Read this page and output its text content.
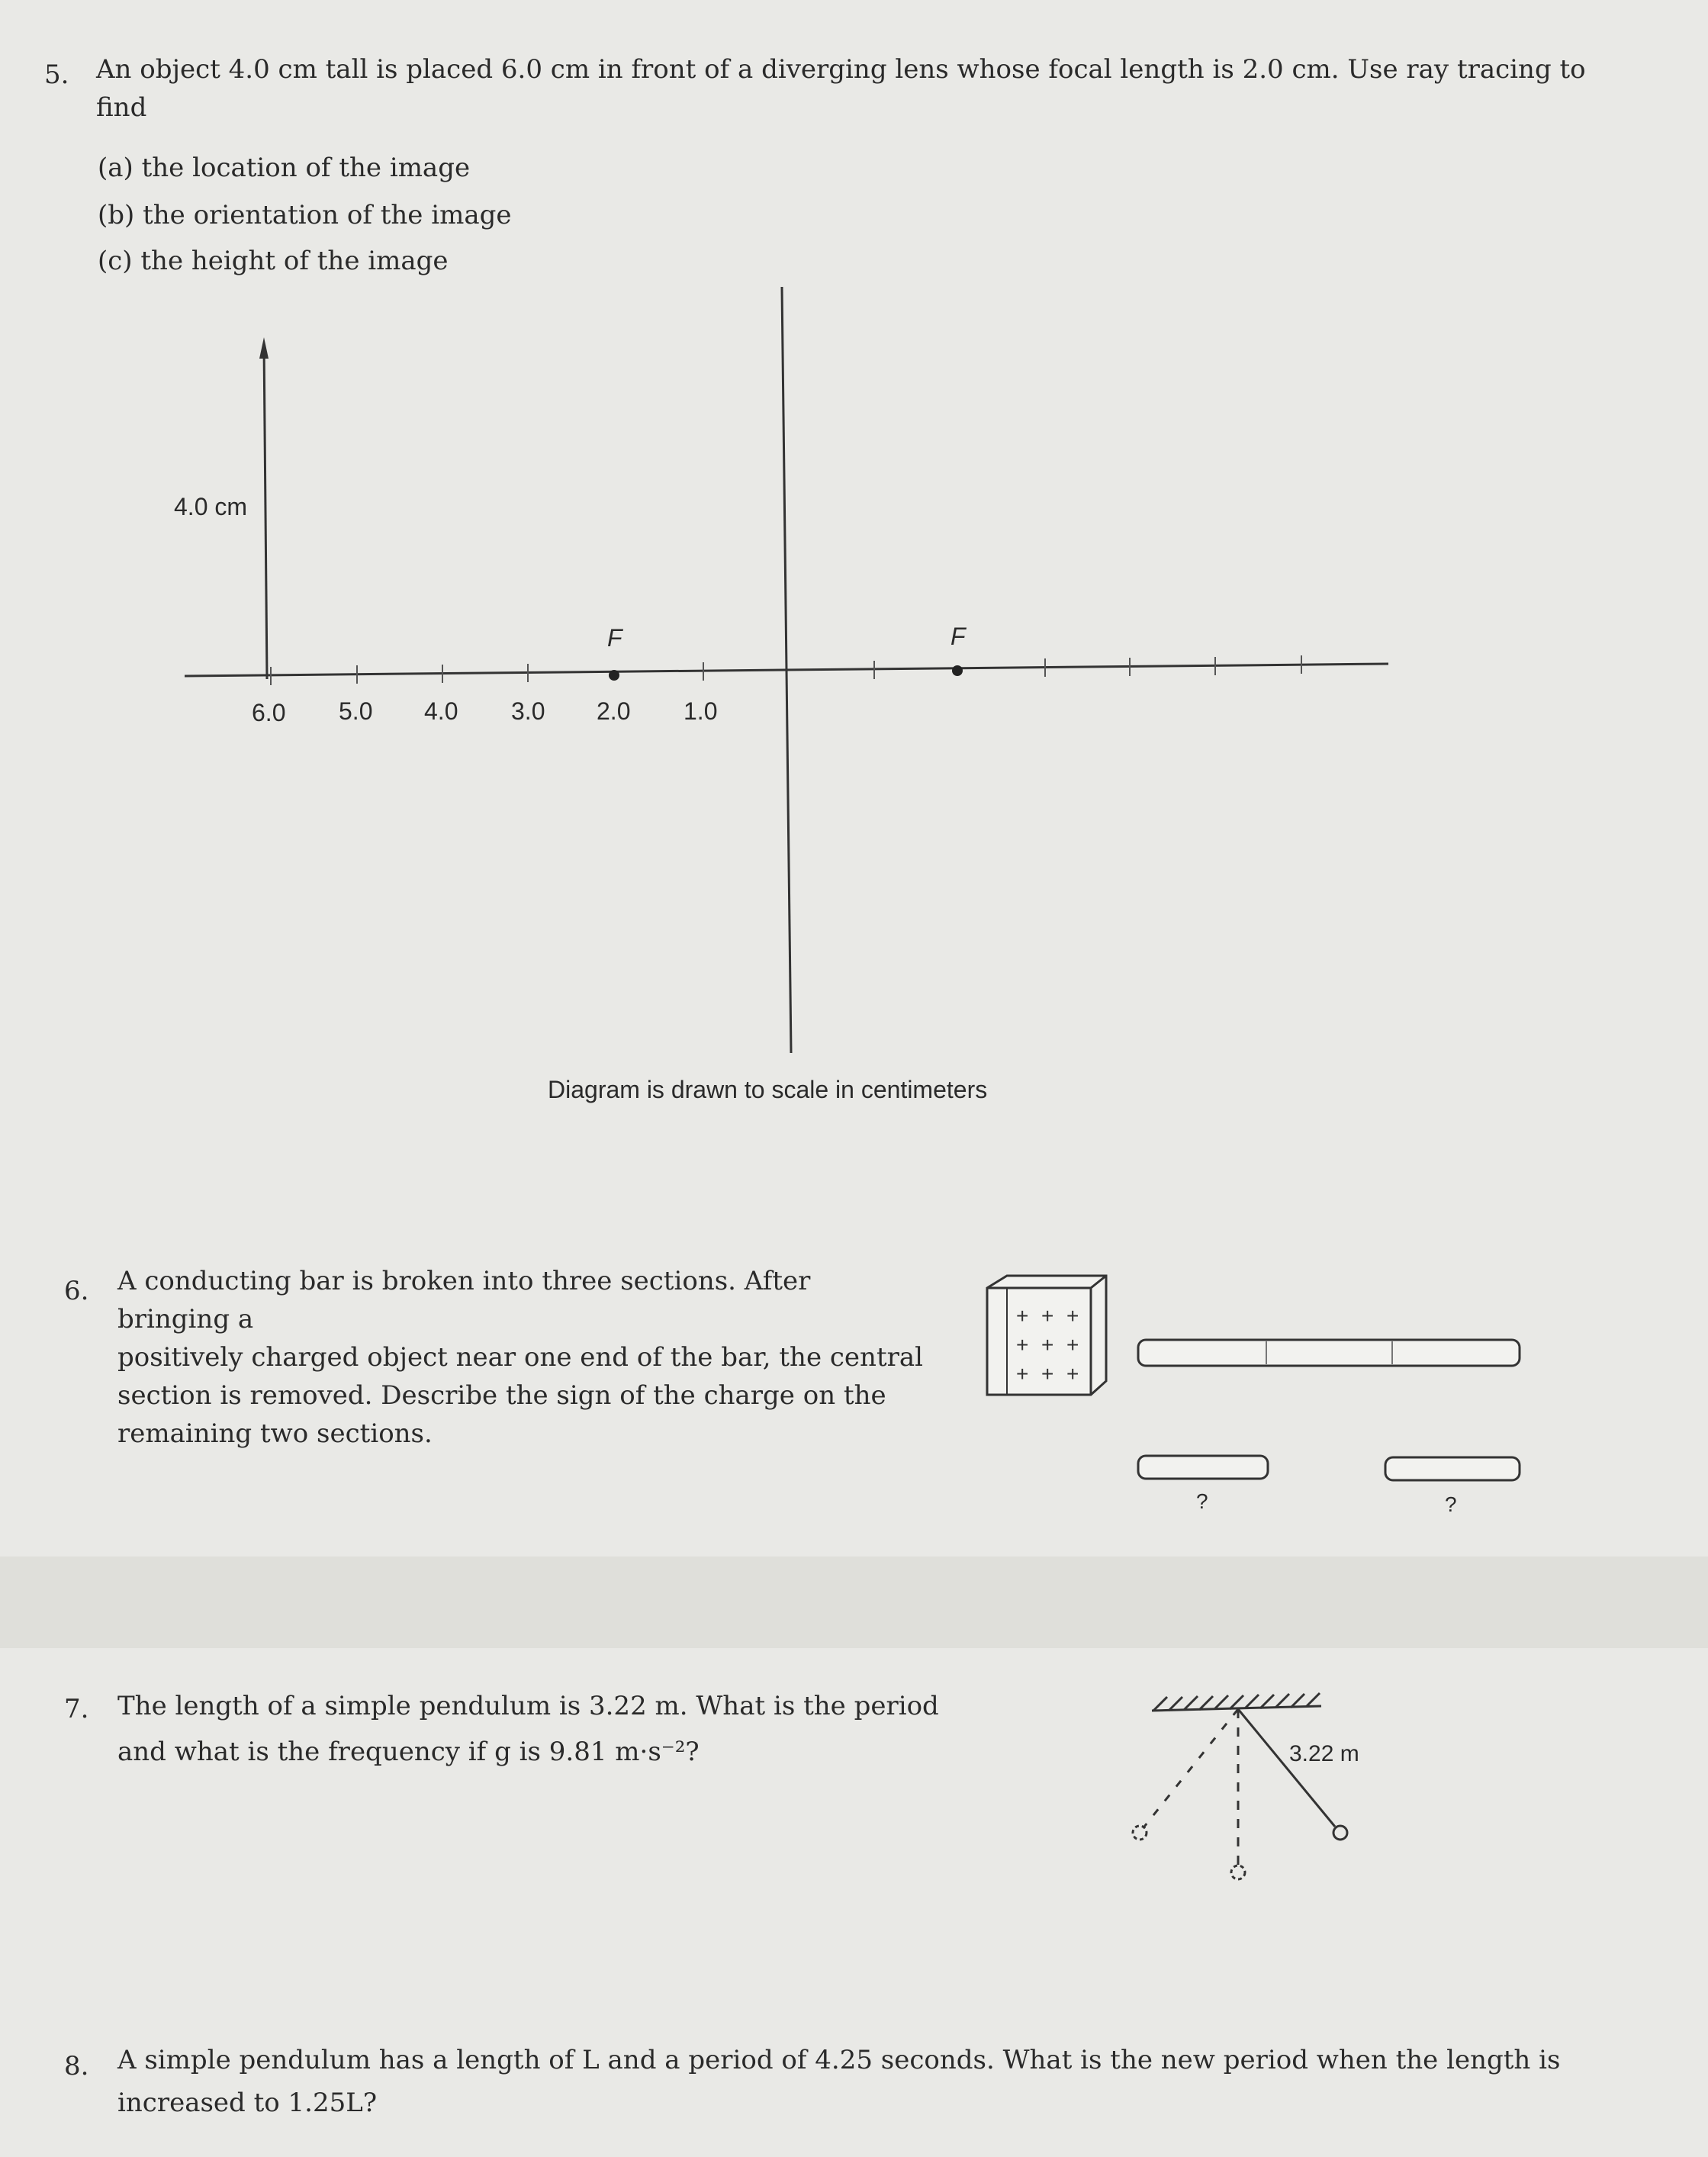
5. An object 4.0 cm tall is placed 6.0 cm in front of a diverging lens whose focal length is 2.0 cm. Use ray tracing to
find
(a) the location of the image
(b) the orientation of the image
(c) the height of the image
4.0 cm
F	F
6.0 5.0 4.0 3.0 2.0 1.0
Diagram is drawn to scale in centimeters
6. A conducting bar is broken into three sections. After bringing a
positively charged object near one end of the bar, the central
section is removed. Describe the sign of the charge on the
remaining two sections.
+ + +
+ + +
+ + +
?	?
7. The length of a simple pendulum is 3.22 m. What is the period
and what is the frequency if g is 9.81 m·s⁻²?	3.22 m
8. A simple pendulum has a length of L and a period of 4.25 seconds. What is the new period when the length is
increased to 1.25L?
